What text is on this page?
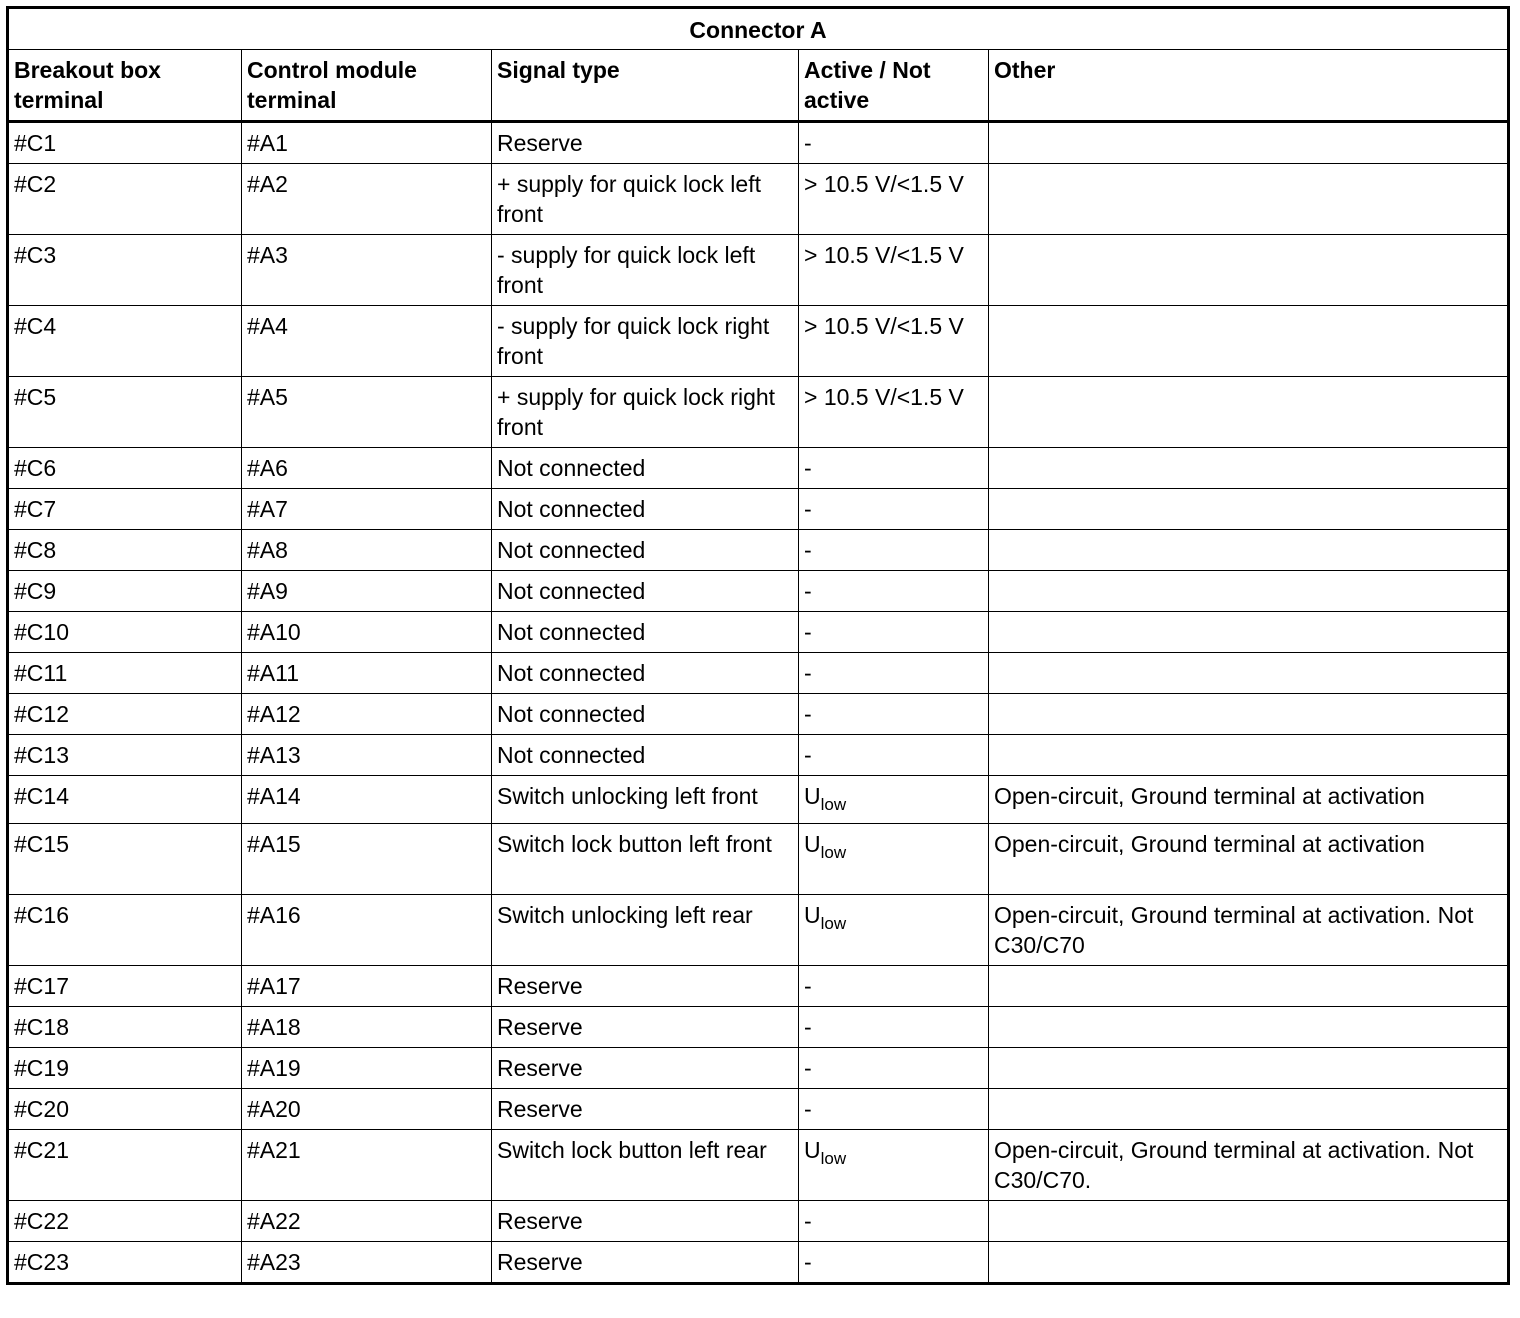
Connector A				
Breakout box terminal	Control module terminal	Signal type	Active / Not active	Other
#C1	#A1	Reserve	-	
#C2	#A2	+ supply for quick lock left front	> 10.5 V/<1.5 V	
#C3	#A3	- supply for quick lock left front	> 10.5 V/<1.5 V	
#C4	#A4	- supply for quick lock right front	> 10.5 V/<1.5 V	
#C5	#A5	+ supply for quick lock right front	> 10.5 V/<1.5 V	
#C6	#A6	Not connected	-	
#C7	#A7	Not connected	-	
#C8	#A8	Not connected	-	
#C9	#A9	Not connected	-	
#C10	#A10	Not connected	-	
#C11	#A11	Not connected	-	
#C12	#A12	Not connected	-	
#C13	#A13	Not connected	-	
#C14	#A14	Switch unlocking left front	$U_{low}$	Open-circuit, Ground terminal at activation
#C15	#A15	Switch lock button left front	$U_{low}$	Open-circuit, Ground terminal at activation
#C16	#A16	Switch unlocking left rear	$U_{low}$	Open-circuit, Ground terminal at activation. Not C30/C70
#C17	#A17	Reserve	-	
#C18	#A18	Reserve	-	
#C19	#A19	Reserve	-	
#C20	#A20	Reserve	-	
#C21	#A21	Switch lock button left rear	$U_{low}$	Open-circuit, Ground terminal at activation. Not C30/C70.
#C22	#A22	Reserve	-	
#C23	#A23	Reserve	-	
